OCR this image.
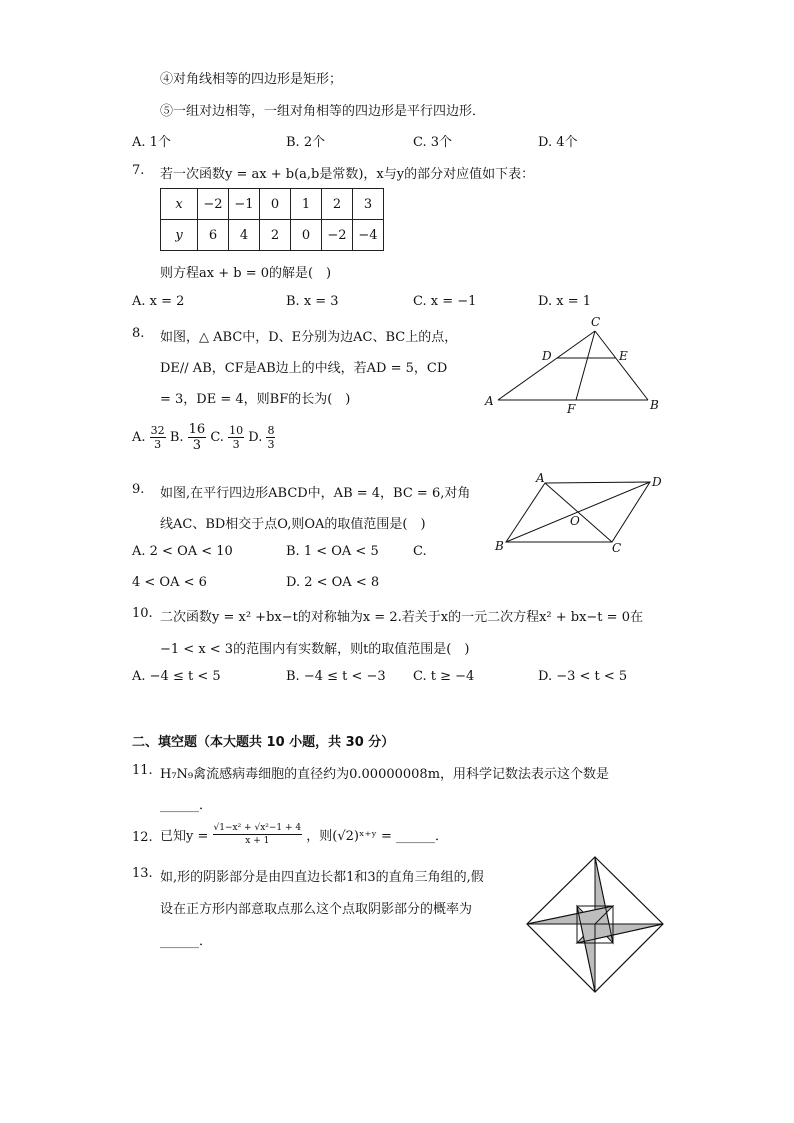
④对角线相等的四边形是矩形；
⑤一组对边相等，一组对角相等的四边形是平行四边形．
A. 1个	B. 2个	C. 3个	D. 4个
7. 若一次函数y = ax + b(a,b是常数)，x与y的部分对应值如下表：
x	−2	−1	0	1	2	3
y	6	4	2	0	−2	−4
则方程ax + b = 0的解是(　)
A. x = 2	B. x = 3	C. x = −1	D. x = 1
8. 如图，△ ABC中，D、E分别为边AC、BC上的点，
DE// AB，CF是AB边上的中线，若AD = 5，CD
= 3，DE = 4，则BF的长为(　)
A. $\frac{32}{3} B$. $\frac{16}{3} C$. $\frac{10}{3} D$. $\frac{8}{3}$
A	B
C
D	E
F
9. 如图,在平行四边形ABCD中，AB = 4，BC = 6,对角
线AC、BD相交于点O,则OA的取值范围是(　)
A. 2 < OA < 10	B. 1 < OA < 5	C.
4 < OA < 6	D. 2 < OA < 8
A
B	C
D
O
10. 二次函数y = x² +bx−t的对称轴为x = 2.若关于x的一元二次方程x² + bx−t = 0在
−1 < x < 3的范围内有实数解，则t的取值范围是(　)
A. −4 ≤ t < 5	B. −4 ≤ t < −3 C. t ≥ −4	D. −3 < t < 5
二、填空题（本大题共 10 小题，共 30 分）
11. H₇N₉禽流感病毒细胞的直径约为0.00000008m，用科学记数法表示这个数是
______．
12. 已知$y = \frac{\text{√1−x² + √x²−1 + 4}}{x + 1}$ ，则(√2)ˣ⁺ʸ = ______．
13. 如,形的阴影部分是由四直边长都1和3的直角三角组的,假
设在正方形内部意取点那么这个点取阴影部分的概率为
______．
